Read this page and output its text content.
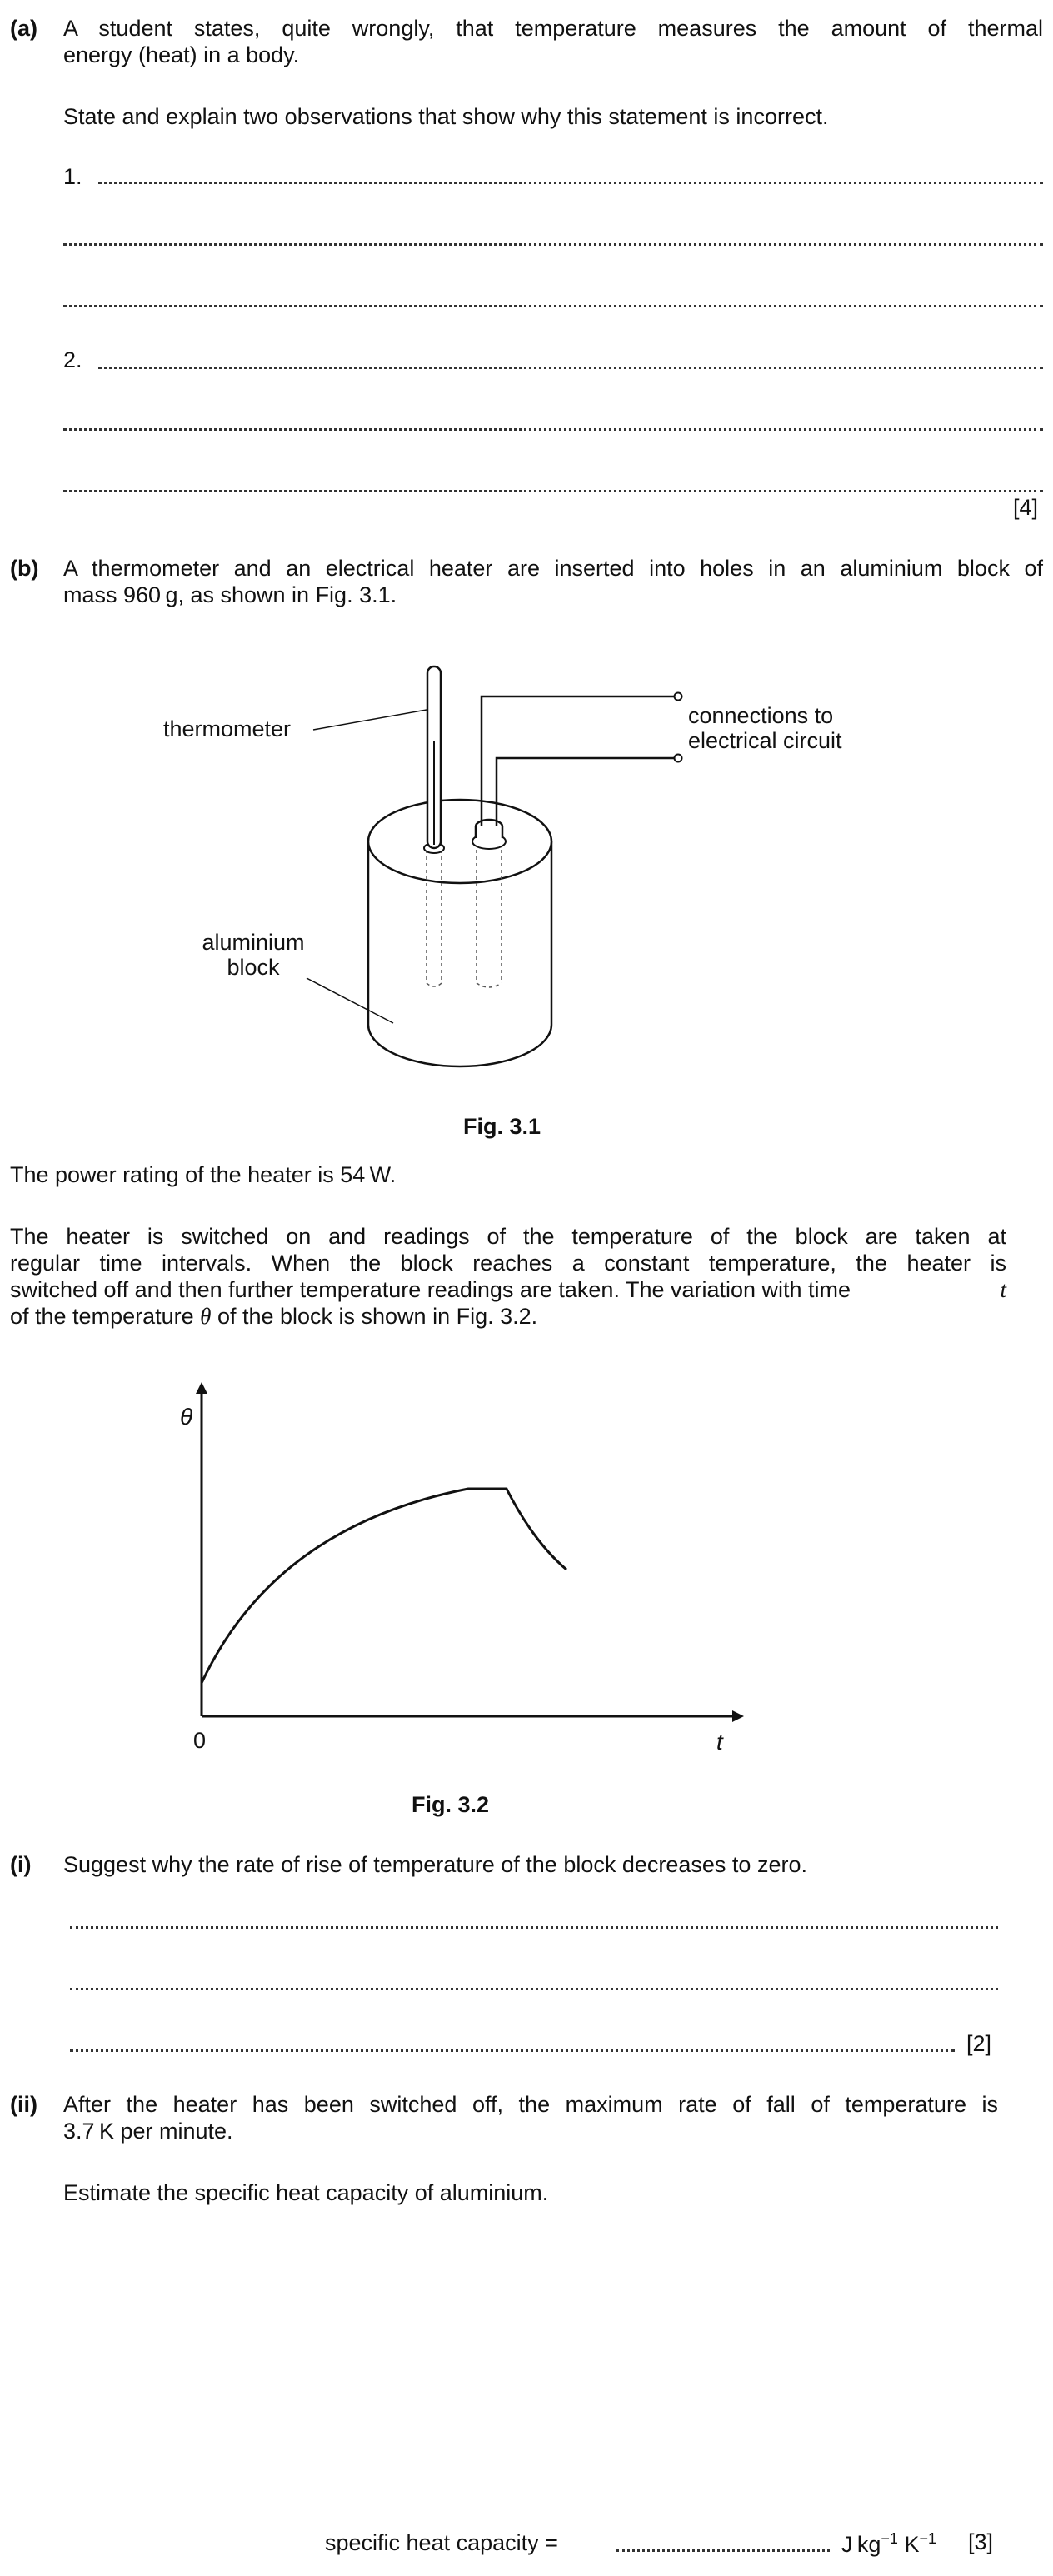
(a) A student states, quite wrongly, that temperature measures the amount of thermal
energy (heat) in a body.
State and explain two observations that show why this statement is incorrect.
1.
2.
[4]
(b) A thermometer and an electrical heater are inserted into holes in an aluminium block of
mass 960 g, as shown in Fig. 3.1.
thermometer
connections to
electrical circuit
aluminium
block
Fig. 3.1
The power rating of the heater is 54 W.
The heater is switched on and readings of the temperature of the block are taken at
regular time intervals. When the block reaches a constant temperature, the heater is
switched off and then further temperature readings are taken. The variation with time	t
of the temperature θ of the block is shown in Fig. 3.2.
θ
t
0
Fig. 3.2
(i) Suggest why the rate of rise of temperature of the block decreases to zero.
[2]
(ii) After the heater has been switched off, the maximum rate of fall of temperature is
3.7 K per minute.
Estimate the specific heat capacity of aluminium.
specific heat capacity =	J $kg^{-1}$ $K^{-1}$ [3]
